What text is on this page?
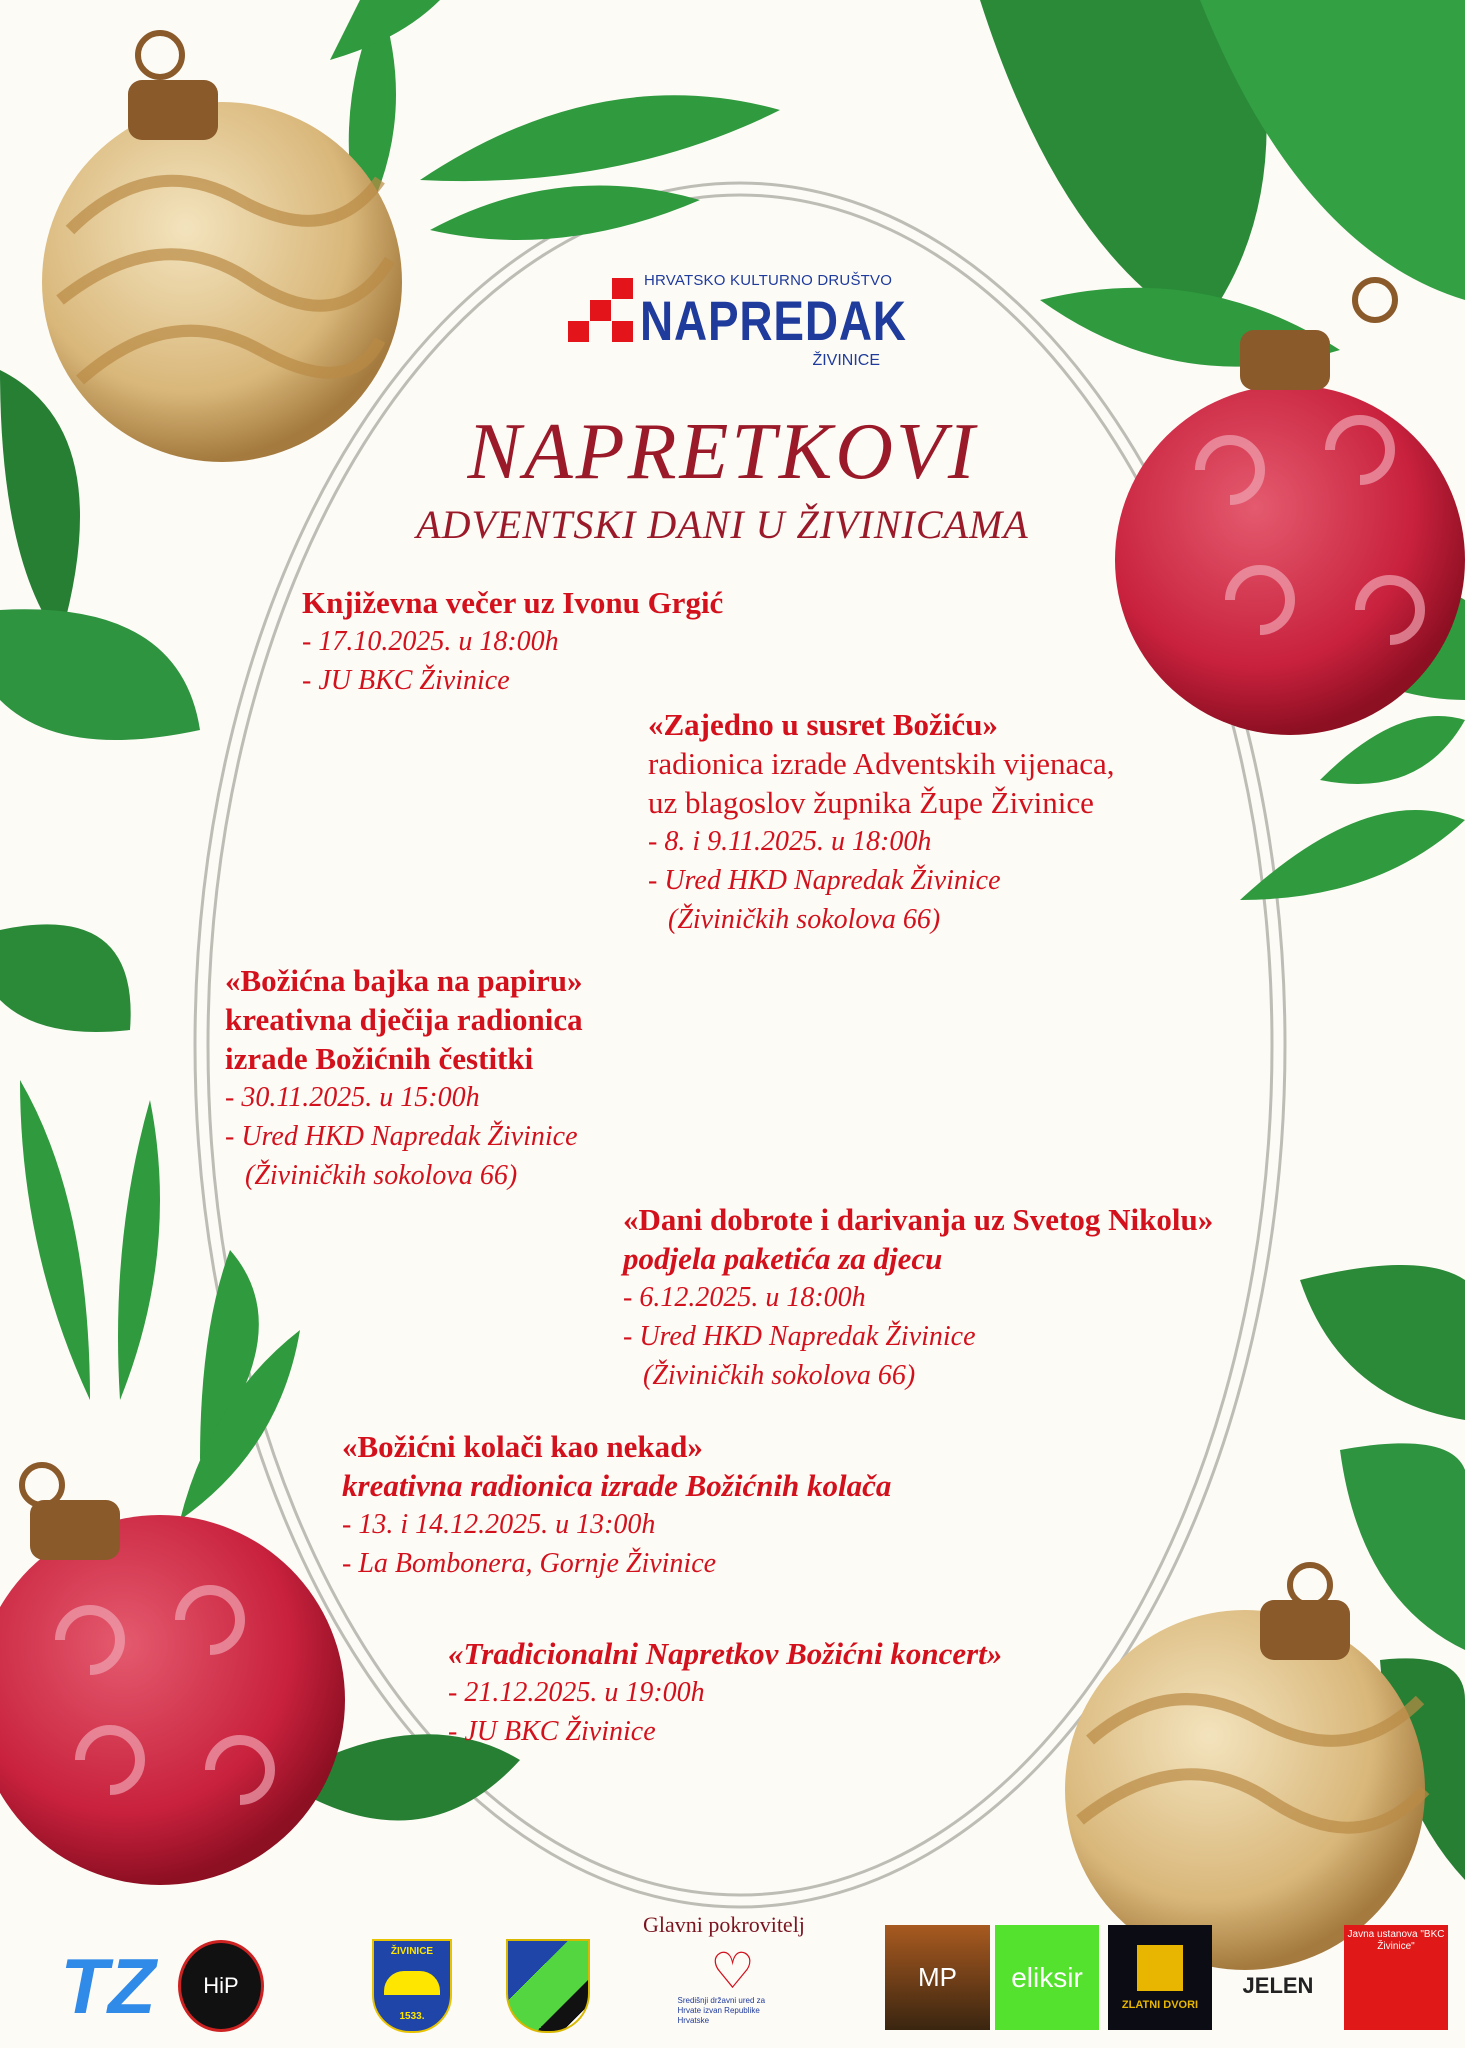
HRVATSKO KULTURNO DRUŠTVO
NAPREDAK
ŽIVINICE
NAPRETKOVI
ADVENTSKI DANI U ŽIVINICAMA
Književna večer uz Ivonu Grgić
- 17.10.2025. u 18:00h
- JU BKC Živinice
«Zajedno u susret Božiću»
radionica izrade Adventskih vijenaca,
uz blagoslov župnika Župe Živinice
- 8. i 9.11.2025. u 18:00h
- Ured HKD Napredak Živinice
(Živiničkih sokolova 66)
«Božićna bajka na papiru»
kreativna dječija radionica
izrade Božićnih čestitki
- 30.11.2025. u 15:00h
- Ured HKD Napredak Živinice
(Živiničkih sokolova 66)
«Dani dobrote i darivanja uz Svetog Nikolu»
podjela paketića za djecu
- 6.12.2025. u 18:00h
- Ured HKD Napredak Živinice
(Živiničkih sokolova 66)
«Božićni kolači kao nekad»
kreativna radionica izrade Božićnih kolača
- 13. i 14.12.2025. u 13:00h
- La Bombonera, Gornje Živinice
«Tradicionalni Napretkov Božićni koncert»
- 21.12.2025. u 19:00h
- JU BKC Živinice
Glavni pokrovitelj
TZ	HiP
ŽIVINICE
1533.
♡
Središnji državni ured za Hrvate izvan Republike Hrvatske
MP eliksir
ZLATNI DVORI
JELEN
Javna ustanova "BKC Živinice"
